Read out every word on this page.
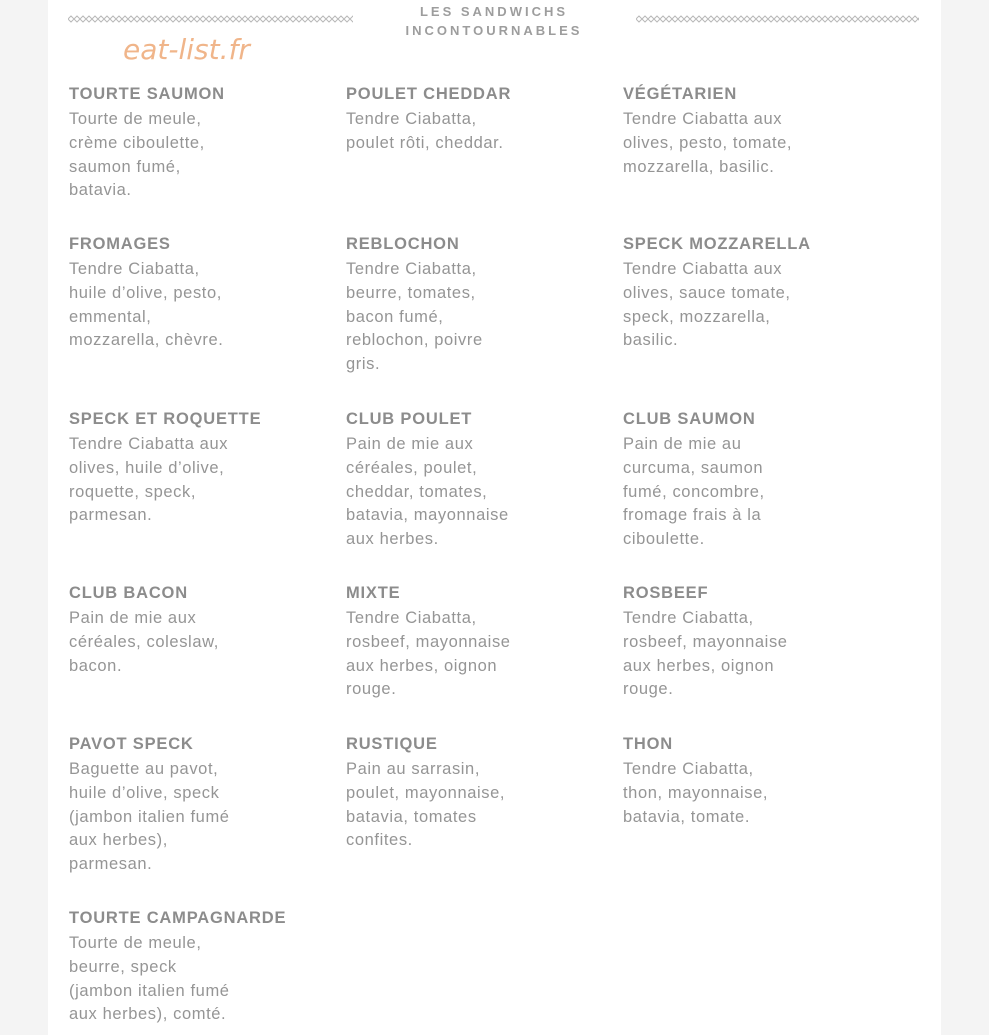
LES SANDWICHS
INCONTOURNABLES
eat-list.fr
TOURTE SAUMON
Tourte de meule,
crème ciboulette,
saumon fumé,
batavia.
POULET CHEDDAR
Tendre Ciabatta,
poulet rôti, cheddar.
VÉGÉTARIEN
Tendre Ciabatta aux
olives, pesto, tomate,
mozzarella, basilic.
FROMAGES
Tendre Ciabatta,
huile d’olive, pesto,
emmental,
mozzarella, chèvre.
REBLOCHON
Tendre Ciabatta,
beurre, tomates,
bacon fumé,
reblochon, poivre
gris.
SPECK MOZZARELLA
Tendre Ciabatta aux
olives, sauce tomate,
speck, mozzarella,
basilic.
SPECK ET ROQUETTE
Tendre Ciabatta aux
olives, huile d’olive,
roquette, speck,
parmesan.
CLUB POULET
Pain de mie aux
céréales, poulet,
cheddar, tomates,
batavia, mayonnaise
aux herbes.
CLUB SAUMON
Pain de mie au
curcuma, saumon
fumé, concombre,
fromage frais à la
ciboulette.
CLUB BACON
Pain de mie aux
céréales, coleslaw,
bacon.
MIXTE
Tendre Ciabatta,
rosbeef, mayonnaise
aux herbes, oignon
rouge.
ROSBEEF
Tendre Ciabatta,
rosbeef, mayonnaise
aux herbes, oignon
rouge.
PAVOT SPECK
Baguette au pavot,
huile d’olive, speck
(jambon italien fumé
aux herbes),
parmesan.
RUSTIQUE
Pain au sarrasin,
poulet, mayonnaise,
batavia, tomates
confites.
THON
Tendre Ciabatta,
thon, mayonnaise,
batavia, tomate.
TOURTE CAMPAGNARDE
Tourte de meule,
beurre, speck
(jambon italien fumé
aux herbes), comté.
